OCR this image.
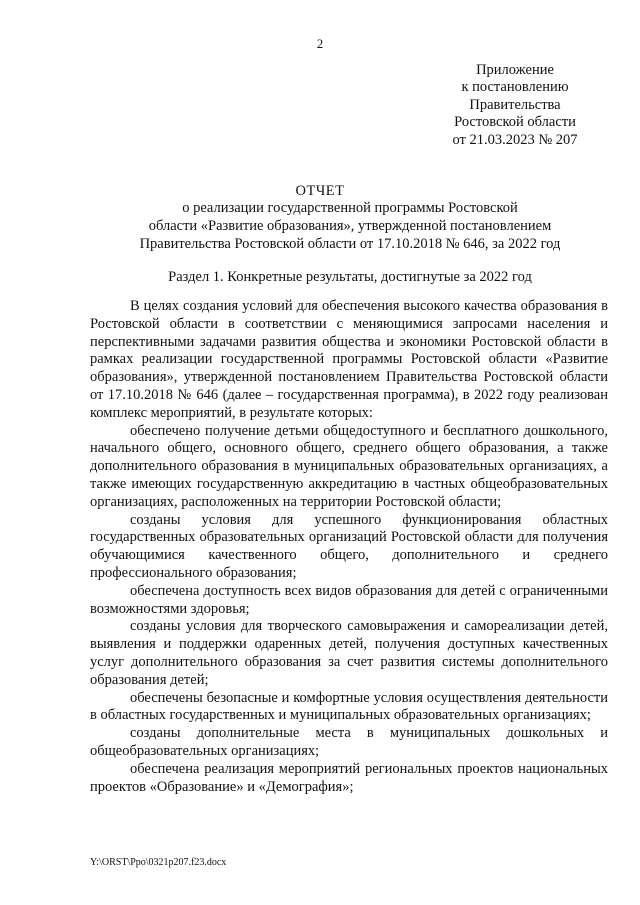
2
Приложение
к постановлению
Правительства
Ростовской области
от 21.03.2023 № 207
ОТЧЕТ
о реализации государственной программы Ростовской
области «Развитие образования», утвержденной постановлением
Правительства Ростовской области от 17.10.2018 № 646, за 2022 год
Раздел 1. Конкретные результаты, достигнутые за 2022 год

В целях создания условий для обеспечения высокого качества образования в Ростовской области в соответствии с меняющимися запросами населения и перспективными задачами развития общества и экономики Ростовской области в рамках реализации государственной программы Ростовской области «Развитие образования», утвержденной постановлением Правительства Ростовской области от 17.10.2018 № 646 (далее – государственная программа), в 2022 году реализован комплекс мероприятий, в результате которых:

обеспечено получение детьми общедоступного и бесплатного дошкольного, начального общего, основного общего, среднего общего образования, а также дополнительного образования в муниципальных образовательных организациях, а также имеющих государственную аккредитацию в частных общеобразовательных организациях, расположенных на территории Ростовской области;

созданы условия для успешного функционирования областных государственных образовательных организаций Ростовской области для получения обучающимися качественного общего, дополнительного и среднего профессионального образования;

обеспечена доступность всех видов образования для детей с ограниченными возможностями здоровья;

созданы условия для творческого самовыражения и самореализации детей, выявления и поддержки одаренных детей, получения доступных качественных услуг дополнительного образования за счет развития системы дополнительного образования детей;

обеспечены безопасные и комфортные условия осуществления деятельности в областных государственных и муниципальных образовательных организациях;

созданы дополнительные места в муниципальных дошкольных и общеобразовательных организациях;

обеспечена реализация мероприятий региональных проектов национальных проектов «Образование» и «Демография»;

Y:\ORST\Ppo\0321p207.f23.docx
